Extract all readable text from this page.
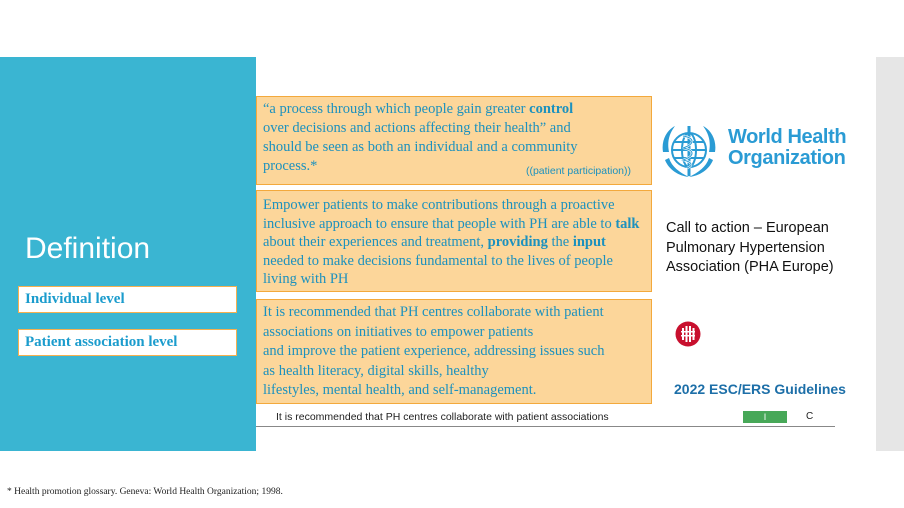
Definition
Individual level
Patient association level
“a process through which people gain greater control
over decisions and actions affecting their health” and
should be seen as both an individual and a community
process.*	((patient participation))
Empower patients to make contributions through a proactive inclusive approach to ensure that people with PH are able to talk about their experiences and treatment, providing the input needed to make decisions fundamental to the lives of people living with PH
It is recommended that PH centres collaborate with patient
associations on initiatives to empower patients
and improve the patient experience, addressing issues such
as health literacy, digital skills, healthy
lifestyles, mental health, and self-management.
World Health
Organization
Call to action – European
Pulmonary Hypertension
Association (PHA Europe)
2022 ESC/ERS Guidelines
It is recommended that PH centres collaborate with patient associations	I	C
* Health promotion glossary. Geneva: World Health Organization; 1998.
